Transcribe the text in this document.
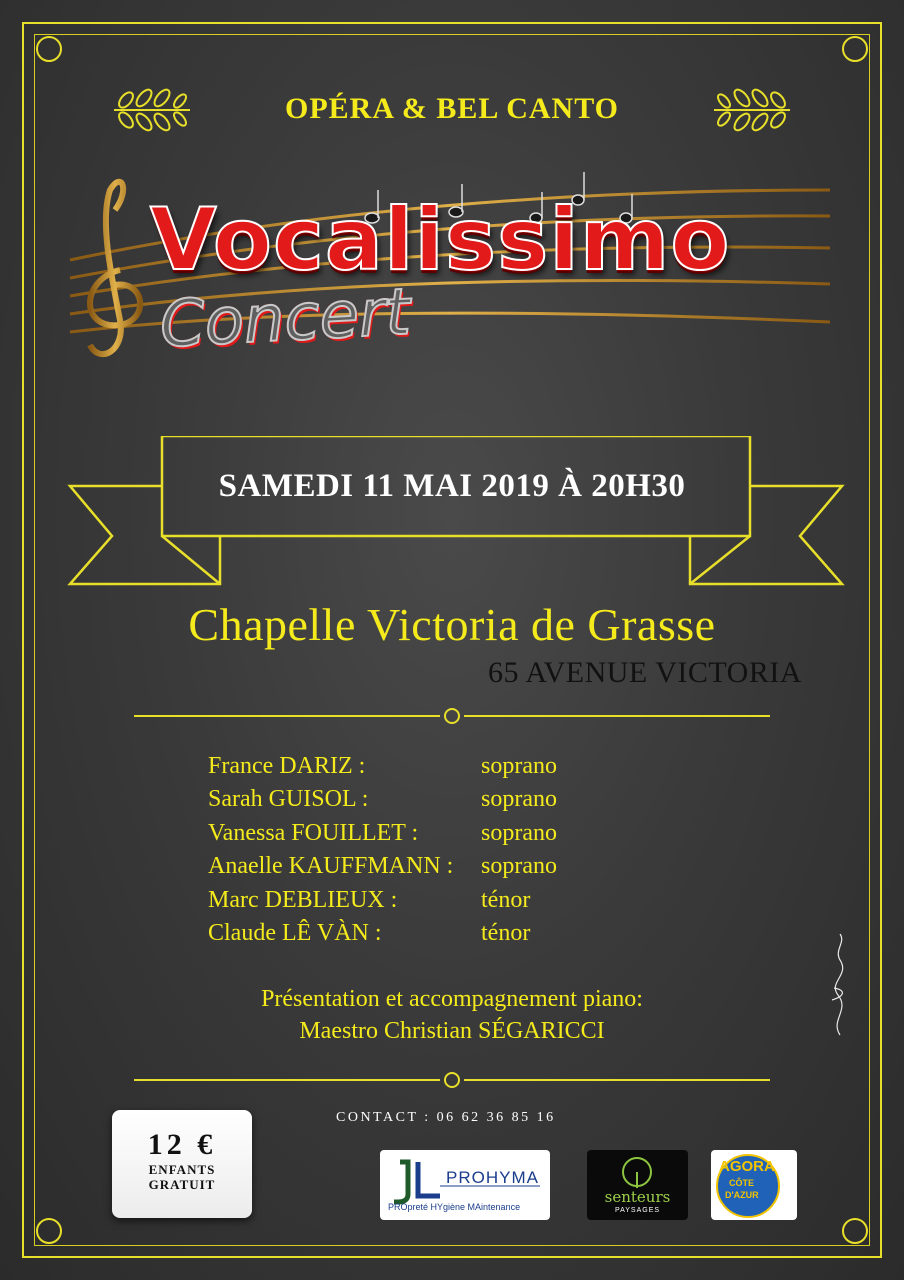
OPÉRA & BEL CANTO
Concert
Vocalissimo
SAMEDI 11 MAI 2019 À 20H30
Chapelle Victoria de Grasse
65 AVENUE VICTORIA
France DARIZ :	soprano
Sarah GUISOL :	soprano
Vanessa FOUILLET :	soprano
Anaelle KAUFFMANN : soprano
Marc DEBLIEUX :	ténor
Claude LÊ VÀN :	ténor
Présentation et accompagnement piano:
Maestro Christian SÉGARICCI
12 €
ENFANTS
GRATUIT
CONTACT : 06 62 36 85 16
PROHYMA
PROpreté HYgiène MAintenance
senteurs
PAYSAGES
AGORA
CÔTE
D'AZUR
